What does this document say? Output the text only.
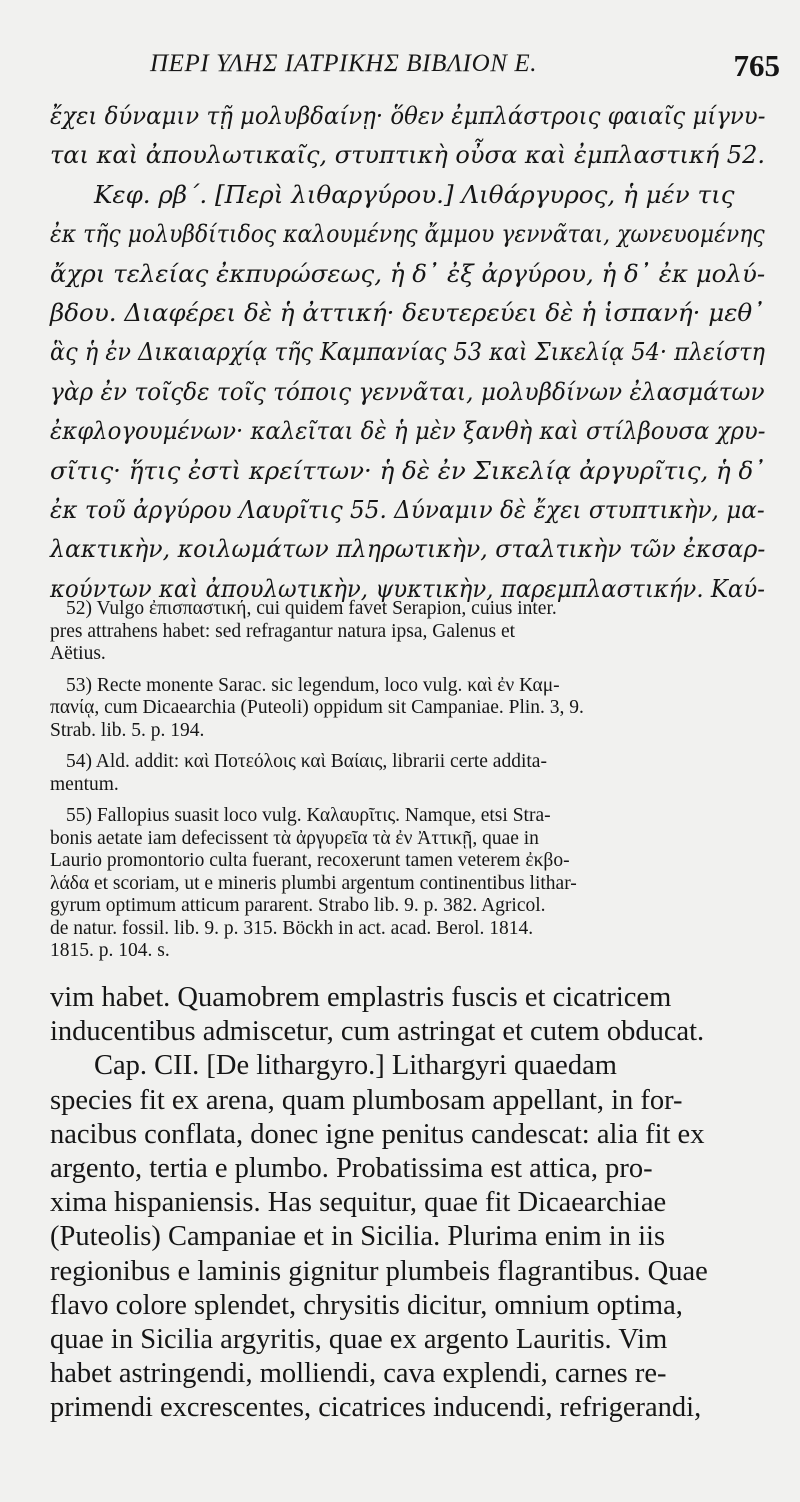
ΠΕΡΙ ΥΛΗΣ ΙΑΤΡΙΚΗΣ ΒΙΒΛΙΟΝ Ε.	765
ἔχει δύναμιν τῇ μολυβδαίνῃ· ὅθεν ἐμπλάστροις φαιαῖς μίγνυ-
ται καὶ ἀπουλωτικαῖς, στυπτικὴ οὖσα καὶ ἐμπλαστική 52.
Κεφ. ρβ΄. [Περὶ λιθαργύρου.] Λιθάργυρος, ἡ μέν τις
ἐκ τῆς μολυβδίτιδος καλουμένης ἄμμου γεννᾶται, χωνευομένης
ἄχρι τελείας ἐκπυρώσεως, ἡ δ᾽ ἐξ ἀργύρου, ἡ δ᾽ ἐκ μολύ-
βδου. Διαφέρει δὲ ἡ ἀττική· δευτερεύει δὲ ἡ ἱσπανή· μεθ᾽
ἃς ἡ ἐν Δικαιαρχίᾳ τῆς Καμπανίας 53 καὶ Σικελίᾳ 54· πλείστη
γὰρ ἐν τοῖςδε τοῖς τόποις γεννᾶται, μολυβδίνων ἐλασμάτων
ἐκφλογουμένων· καλεῖται δὲ ἡ μὲν ξανθὴ καὶ στίλβουσα χρυ-
σῖτις· ἥτις ἐστὶ κρείττων· ἡ δὲ ἐν Σικελίᾳ ἀργυρῖτις, ἡ δ᾽
ἐκ τοῦ ἀργύρου Λαυρῖτις 55. Δύναμιν δὲ ἔχει στυπτικὴν, μα-
λακτικὴν, κοιλωμάτων πληρωτικὴν, σταλτικὴν τῶν ἐκσαρ-
κούντων καὶ ἀπουλωτικὴν, ψυκτικὴν, παρεμπλαστικήν. Καύ-
52) Vulgo ἐπισπαστική, cui quidem favet Serapion, cuius inter.
pres attrahens habet: sed refragantur natura ipsa, Galenus et
Aëtius.
53) Recte monente Sarac. sic legendum, loco vulg. καὶ ἐν Καμ-
πανίᾳ, cum Dicaearchia (Puteoli) oppidum sit Campaniae. Plin. 3, 9.
Strab. lib. 5. p. 194.
54) Ald. addit: καὶ Ποτεόλοις καὶ Βαίαις, librarii certe addita-
mentum.
55) Fallopius suasit loco vulg. Καλαυρῖτις. Namque, etsi Stra-
bonis aetate iam defecissent τὰ ἀργυρεῖα τὰ ἐν Ἀττικῇ, quae in
Laurio promontorio culta fuerant, recoxerunt tamen veterem ἐκβο-
λάδα et scoriam, ut e mineris plumbi argentum continentibus lithar-
gyrum optimum atticum pararent. Strabo lib. 9. p. 382. Agricol.
de natur. fossil. lib. 9. p. 315. Böckh in act. acad. Berol. 1814.
1815. p. 104. s.
vim habet. Quamobrem emplastris fuscis et cicatricem
inducentibus admiscetur, cum astringat et cutem obducat.
Cap. CII. [De lithargyro.] Lithargyri quaedam
species fit ex arena, quam plumbosam appellant, in for-
nacibus conflata, donec igne penitus candescat: alia fit ex
argento, tertia e plumbo. Probatissima est attica, pro-
xima hispaniensis. Has sequitur, quae fit Dicaearchiae
(Puteolis) Campaniae et in Sicilia. Plurima enim in iis
regionibus e laminis gignitur plumbeis flagrantibus. Quae
flavo colore splendet, chrysitis dicitur, omnium optima,
quae in Sicilia argyritis, quae ex argento Lauritis. Vim
habet astringendi, molliendi, cava explendi, carnes re-
primendi excrescentes, cicatrices inducendi, refrigerandi,
